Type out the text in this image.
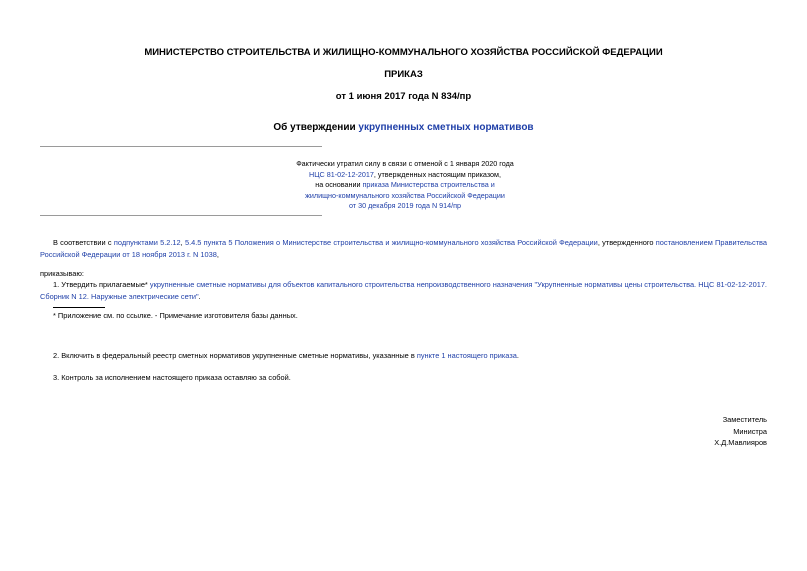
МИНИСТЕРСТВО СТРОИТЕЛЬСТВА И ЖИЛИЩНО-КОММУНАЛЬНОГО ХОЗЯЙСТВА РОССИЙСКОЙ ФЕДЕРАЦИИ
ПРИКАЗ
от 1 июня 2017 года N 834/пр
Об утверждении укрупненных сметных нормативов
Фактически утратил силу в связи с отменой с 1 января 2020 года
НЦС 81-02-12-2017, утвержденных настоящим приказом,
на основании приказа Министерства строительства и
жилищно-коммунального хозяйства Российской Федерации
от 30 декабря 2019 года N 914/пр
В соответствии с подпунктами 5.2.12, 5.4.5 пункта 5 Положения о Министерстве строительства и жилищно-коммунального хозяйства Российской Федерации, утвержденного постановлением Правительства Российской Федерации от 18 ноября 2013 г. N 1038,
приказываю:
1. Утвердить прилагаемые* укрупненные сметные нормативы для объектов капитального строительства непроизводственного назначения "Укрупненные нормативы цены строительства. НЦС 81-02-12-2017. Сборник N 12. Наружные электрические сети".
* Приложение см. по ссылке. - Примечание изготовителя базы данных.
2. Включить в федеральный реестр сметных нормативов укрупненные сметные нормативы, указанные в пункте 1 настоящего приказа.
3. Контроль за исполнением настоящего приказа оставляю за собой.
Заместитель
Министра
Х.Д.Мавлияров
